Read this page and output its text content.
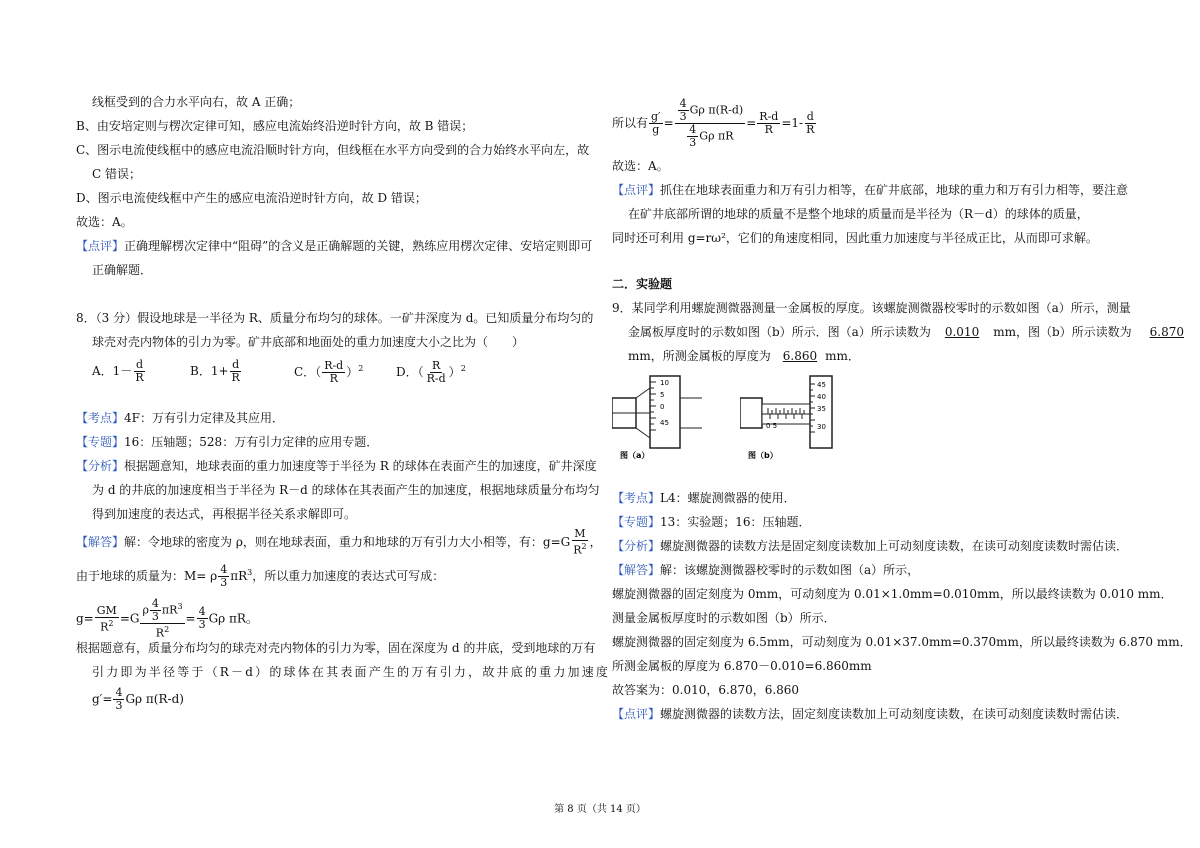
线框受到的合力水平向右，故 A 正确；
B、由安培定则与楞次定律可知，感应电流始终沿逆时针方向，故 B 错误；
C、图示电流使线框中的感应电流沿顺时针方向，但线框在水平方向受到的合力始终水平向左，故
C 错误；
D、图示电流使线框中产生的感应电流沿逆时针方向，故 D 错误；
故选：A。
【点评】正确理解楞次定律中“阻碍”的含义是正确解题的关键，熟练应用楞次定律、安培定则即可
正确解题．
8．（3 分）假设地球是一半径为 R、质量分布均匀的球体。一矿井深度为 d。已知质量分布均匀的
球壳对壳内物体的引力为零。矿井底部和地面处的重力加速度大小之比为（　　）
A．$1- \frac{d}{R}$	B．$1+ \frac{d}{R}$	C．（ $\frac{R-d}{R} )^2$	D．（ $\frac{R}{R-d} )^2$
【考点】4F：万有引力定律及其应用．
【专题】16：压轴题；528：万有引力定律的应用专题．
【分析】根据题意知，地球表面的重力加速度等于半径为 R 的球体在表面产生的加速度，矿井深度
为 d 的井底的加速度相当于半径为 R－d 的球体在其表面产生的加速度，根据地球质量分布均匀
得到加速度的表达式，再根据半径关系求解即可。
【解答】解：令地球的密度为 ρ，则在地球表面，重力和地球的万有引力大小相等，有：$g=G \frac{M}{R^2}$ ，
由于地球的质量为：M= ρ $\frac{4}{3} \pi R^3$，所以重力加速度的表达式可写成：
$g= \frac{GM}{R^2} =G \frac{\rho \frac{4}{3} \pi R^3}{R^2} = \frac{4}{3}$ Gρ πR。
根据题意有，质量分布均匀的球壳对壳内物体的引力为零，固在深度为 d 的井底，受到地球的万有
引力即为半径等于（R－d）的球体在其表面产生的万有引力，故井底的重力加速度
$g'= \frac{4}{3}$ Gρ π(R-d)
所以有 $\frac{g'}{g} = \frac{\frac{4}{3} G\rho \pi(R-d)}{\frac{4}{3} G\rho \pi R} = \frac{R-d}{R} =1- \frac{d}{R}$
故选：A。
【点评】抓住在地球表面重力和万有引力相等，在矿井底部，地球的重力和万有引力相等，要注意
在矿井底部所谓的地球的质量不是整个地球的质量而是半径为（R－d）的球体的质量，
同时还可利用 g=rω²，它们的角速度相同，因此重力加速度与半径成正比，从而即可求解。
二．实验题
9．某同学利用螺旋测微器测量一金属板的厚度。该螺旋测微器校零时的示数如图（a）所示，测量
金属板厚度时的示数如图（b）所示．图（a）所示读数为 0.010 mm，图（b）所示读数为 6.870
mm，所测金属板的厚度为 6.860 mm．
10
5
0
45
图（a）
45
40
35
30
0 5
图（b）
【考点】L4：螺旋测微器的使用．
【专题】13：实验题；16：压轴题．
【分析】螺旋测微器的读数方法是固定刻度读数加上可动刻度读数，在读可动刻度读数时需估读．
【解答】解：该螺旋测微器校零时的示数如图（a）所示，
螺旋测微器的固定刻度为 0mm，可动刻度为 0.01×1.0mm=0.010mm，所以最终读数为 0.010 mm．
测量金属板厚度时的示数如图（b）所示．
螺旋测微器的固定刻度为 6.5mm，可动刻度为 0.01×37.0mm=0.370mm，所以最终读数为 6.870 mm．
所测金属板的厚度为 6.870－0.010=6.860mm
故答案为：0.010，6.870，6.860
【点评】螺旋测微器的读数方法，固定刻度读数加上可动刻度读数，在读可动刻度读数时需估读．
第 8 页（共 14 页）
